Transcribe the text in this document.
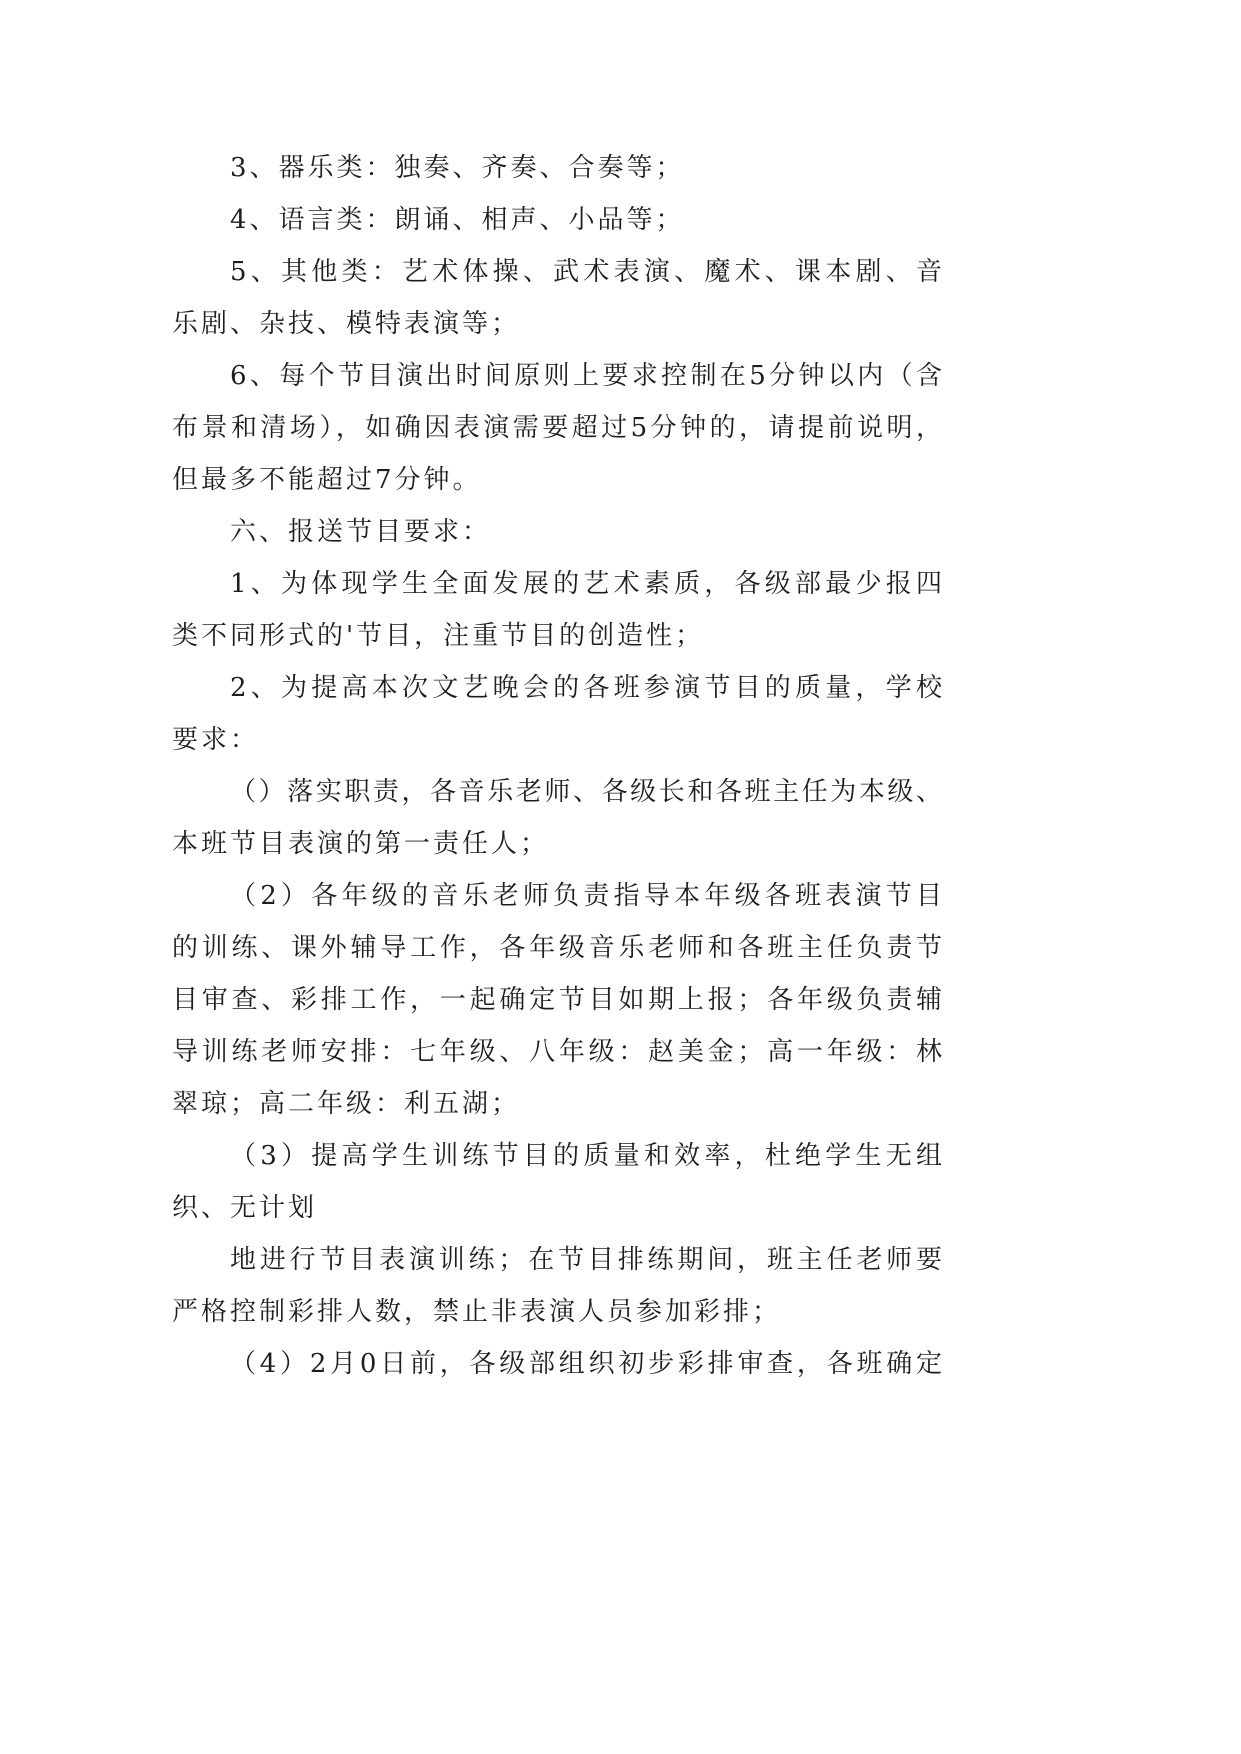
3、器乐类：独奏、齐奏、合奏等；
4、语言类：朗诵、相声、小品等；
5、其他类：艺术体操、武术表演、魔术、课本剧、音
乐剧、杂技、模特表演等；
6、每个节目演出时间原则上要求控制在5分钟以内（含
布景和清场），如确因表演需要超过5分钟的，请提前说明，
但最多不能超过7分钟。
六、报送节目要求：
1、为体现学生全面发展的艺术素质，各级部最少报四
类不同形式的'节目，注重节目的创造性；
2、为提高本次文艺晚会的各班参演节目的质量，学校
要求：
（）落实职责，各音乐老师、各级长和各班主任为本级、
本班节目表演的第一责任人；
（2）各年级的音乐老师负责指导本年级各班表演节目
的训练、课外辅导工作，各年级音乐老师和各班主任负责节
目审查、彩排工作，一起确定节目如期上报；各年级负责辅
导训练老师安排：七年级、八年级：赵美金；高一年级：林
翠琼；高二年级：利五湖；
（3）提高学生训练节目的质量和效率，杜绝学生无组
织、无计划
地进行节目表演训练；在节目排练期间，班主任老师要
严格控制彩排人数，禁止非表演人员参加彩排；
（4）2月0日前，各级部组织初步彩排审查，各班确定
